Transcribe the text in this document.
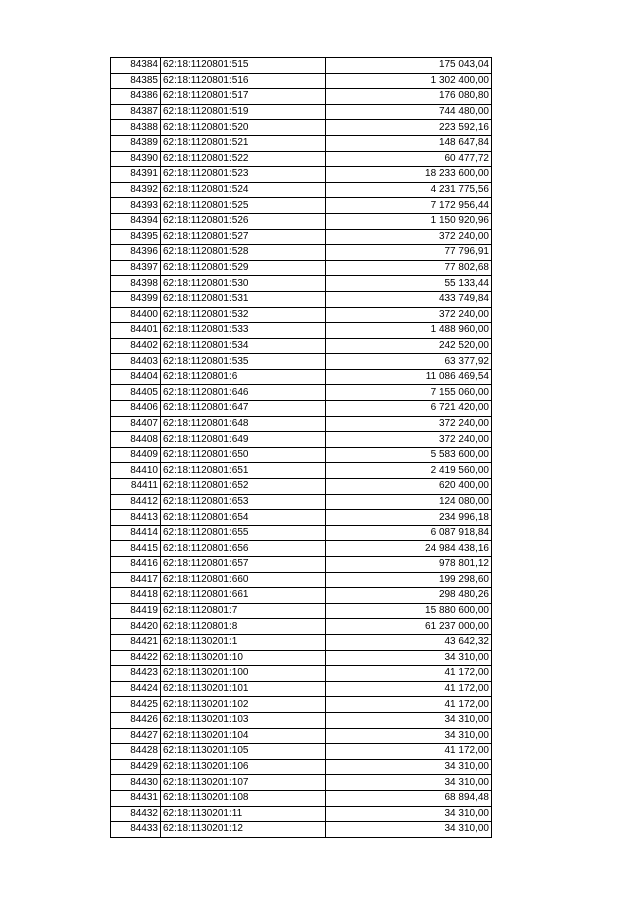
84384	62:18:1120801:515	175 043,04
84385	62:18:1120801:516	1 302 400,00
84386	62:18:1120801:517	176 080,80
84387	62:18:1120801:519	744 480,00
84388	62:18:1120801:520	223 592,16
84389	62:18:1120801:521	148 647,84
84390	62:18:1120801:522	60 477,72
84391	62:18:1120801:523	18 233 600,00
84392	62:18:1120801:524	4 231 775,56
84393	62:18:1120801:525	7 172 956,44
84394	62:18:1120801:526	1 150 920,96
84395	62:18:1120801:527	372 240,00
84396	62:18:1120801:528	77 796,91
84397	62:18:1120801:529	77 802,68
84398	62:18:1120801:530	55 133,44
84399	62:18:1120801:531	433 749,84
84400	62:18:1120801:532	372 240,00
84401	62:18:1120801:533	1 488 960,00
84402	62:18:1120801:534	242 520,00
84403	62:18:1120801:535	63 377,92
84404	62:18:1120801:6	11 086 469,54
84405	62:18:1120801:646	7 155 060,00
84406	62:18:1120801:647	6 721 420,00
84407	62:18:1120801:648	372 240,00
84408	62:18:1120801:649	372 240,00
84409	62:18:1120801:650	5 583 600,00
84410	62:18:1120801:651	2 419 560,00
84411	62:18:1120801:652	620 400,00
84412	62:18:1120801:653	124 080,00
84413	62:18:1120801:654	234 996,18
84414	62:18:1120801:655	6 087 918,84
84415	62:18:1120801:656	24 984 438,16
84416	62:18:1120801:657	978 801,12
84417	62:18:1120801:660	199 298,60
84418	62:18:1120801:661	298 480,26
84419	62:18:1120801:7	15 880 600,00
84420	62:18:1120801:8	61 237 000,00
84421	62:18:1130201:1	43 642,32
84422	62:18:1130201:10	34 310,00
84423	62:18:1130201:100	41 172,00
84424	62:18:1130201:101	41 172,00
84425	62:18:1130201:102	41 172,00
84426	62:18:1130201:103	34 310,00
84427	62:18:1130201:104	34 310,00
84428	62:18:1130201:105	41 172,00
84429	62:18:1130201:106	34 310,00
84430	62:18:1130201:107	34 310,00
84431	62:18:1130201:108	68 894,48
84432	62:18:1130201:11	34 310,00
84433	62:18:1130201:12	34 310,00
